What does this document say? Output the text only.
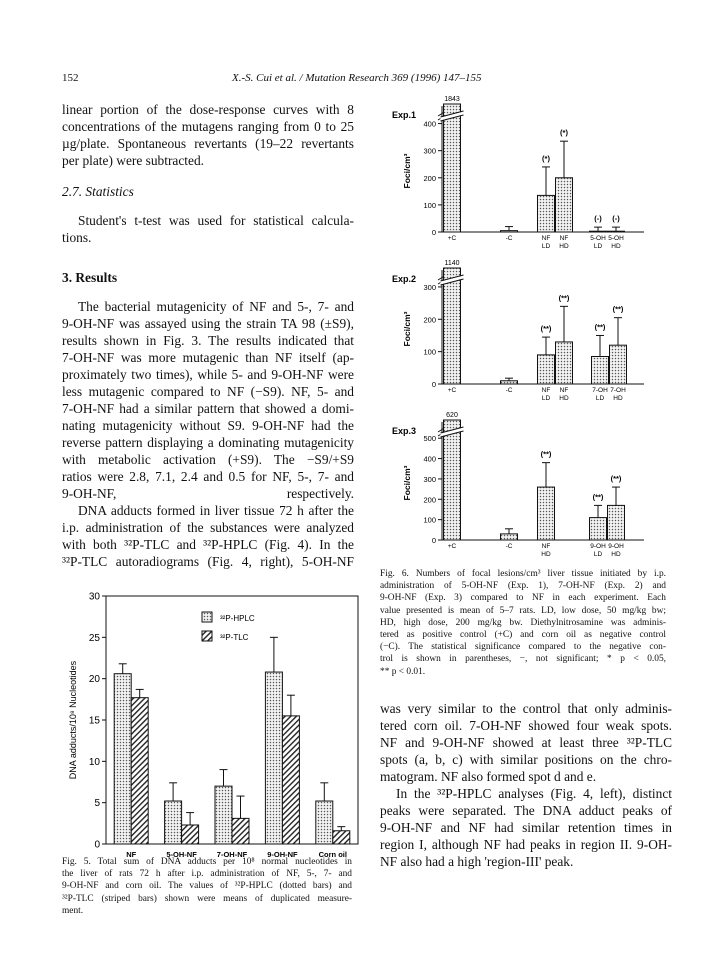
152	X.-S. Cui et al. / Mutation Research 369 (1996) 147–155
linear portion of the dose-response curves with 8
concentrations of the mutagens ranging from 0 to 25
µg/plate. Spontaneous revertants (19–22 revertants
per plate) were subtracted.

2.7. Statistics

Student's t-test was used for statistical calcula-
tions.

3. Results

The bacterial mutagenicity of NF and 5-, 7- and
9-OH-NF was assayed using the strain TA 98 (±S9),
results shown in Fig. 3. The results indicated that
7-OH-NF was more mutagenic than NF itself (ap-
proximately two times), while 5- and 9-OH-NF were
less mutagenic compared to NF (−S9). NF, 5- and
7-OH-NF had a similar pattern that showed a domi-
nating mutagenicity without S9. 9-OH-NF had the
reverse pattern displaying a dominating mutagenicity
with metabolic activation (+S9). The −S9/+S9
ratios were 2.8, 7.1, 2.4 and 0.5 for NF, 5-, 7- and
9-OH-NF, respectively.
DNA adducts formed in liver tissue 72 h after the
i.p. administration of the substances were analyzed
with both ³²P-TLC and ³²P-HPLC (Fig. 4). In the
³²P-TLC autoradiograms (Fig. 4, right), 5-OH-NF
0
5
10
15
20
25
30
DNA adducts/10⁸ Nucleotides
NF	5-OH-NF	7-OH-NF	9-OH-NF	Corn oil
³²P-HPLC
³²P-TLC
Fig. 5. Total sum of DNA adducts per 10⁸ normal nucleotides in
the liver of rats 72 h after i.p. administration of NF, 5-, 7- and
9-OH-NF and corn oil. The values of ³²P-HPLC (dotted bars) and
³²P-TLC (striped bars) shown were means of duplicated measure-
ment.
Exp.1
0
100
200
300
400
Foci/cm³
1843
+C	-C
(*)
NF
LD
(*)
NF
HD
(-)
5-OH
LD
(-)
5-OH
HD
Exp.2
0
100
200
300
Foci/cm³
1140
+C	-C
(**)
NF
LD
(**)
NF
HD
(**)
7-OH
LD
(**)
7-OH
HD
Exp.3
0
100
200
300
400
500
Foci/cm³
620
+C	-C
(**)
NF
HD
(**)
9-OH
LD
(**)
9-OH
HD
Fig. 6. Numbers of focal lesions/cm³ liver tissue initiated by i.p.
administration of 5-OH-NF (Exp. 1), 7-OH-NF (Exp. 2) and
9-OH-NF (Exp. 3) compared to NF in each experiment. Each
value presented is mean of 5–7 rats. LD, low dose, 50 mg/kg bw;
HD, high dose, 200 mg/kg bw. Diethylnitrosamine was adminis-
tered as positive control (+C) and corn oil as negative control
(−C). The statistical significance compared to the negative con-
trol is shown in parentheses, −, not significant; * p < 0.05,
** p < 0.01.
was very similar to the control that only adminis-
tered corn oil. 7-OH-NF showed four weak spots.
NF and 9-OH-NF showed at least three ³²P-TLC
spots (a, b, c) with similar positions on the chro-
matogram. NF also formed spot d and e.
In the ³²P-HPLC analyses (Fig. 4, left), distinct
peaks were separated. The DNA adduct peaks of
9-OH-NF and NF had similar retention times in
region I, although NF had peaks in region II. 9-OH-
NF also had a high 'region-III' peak.
